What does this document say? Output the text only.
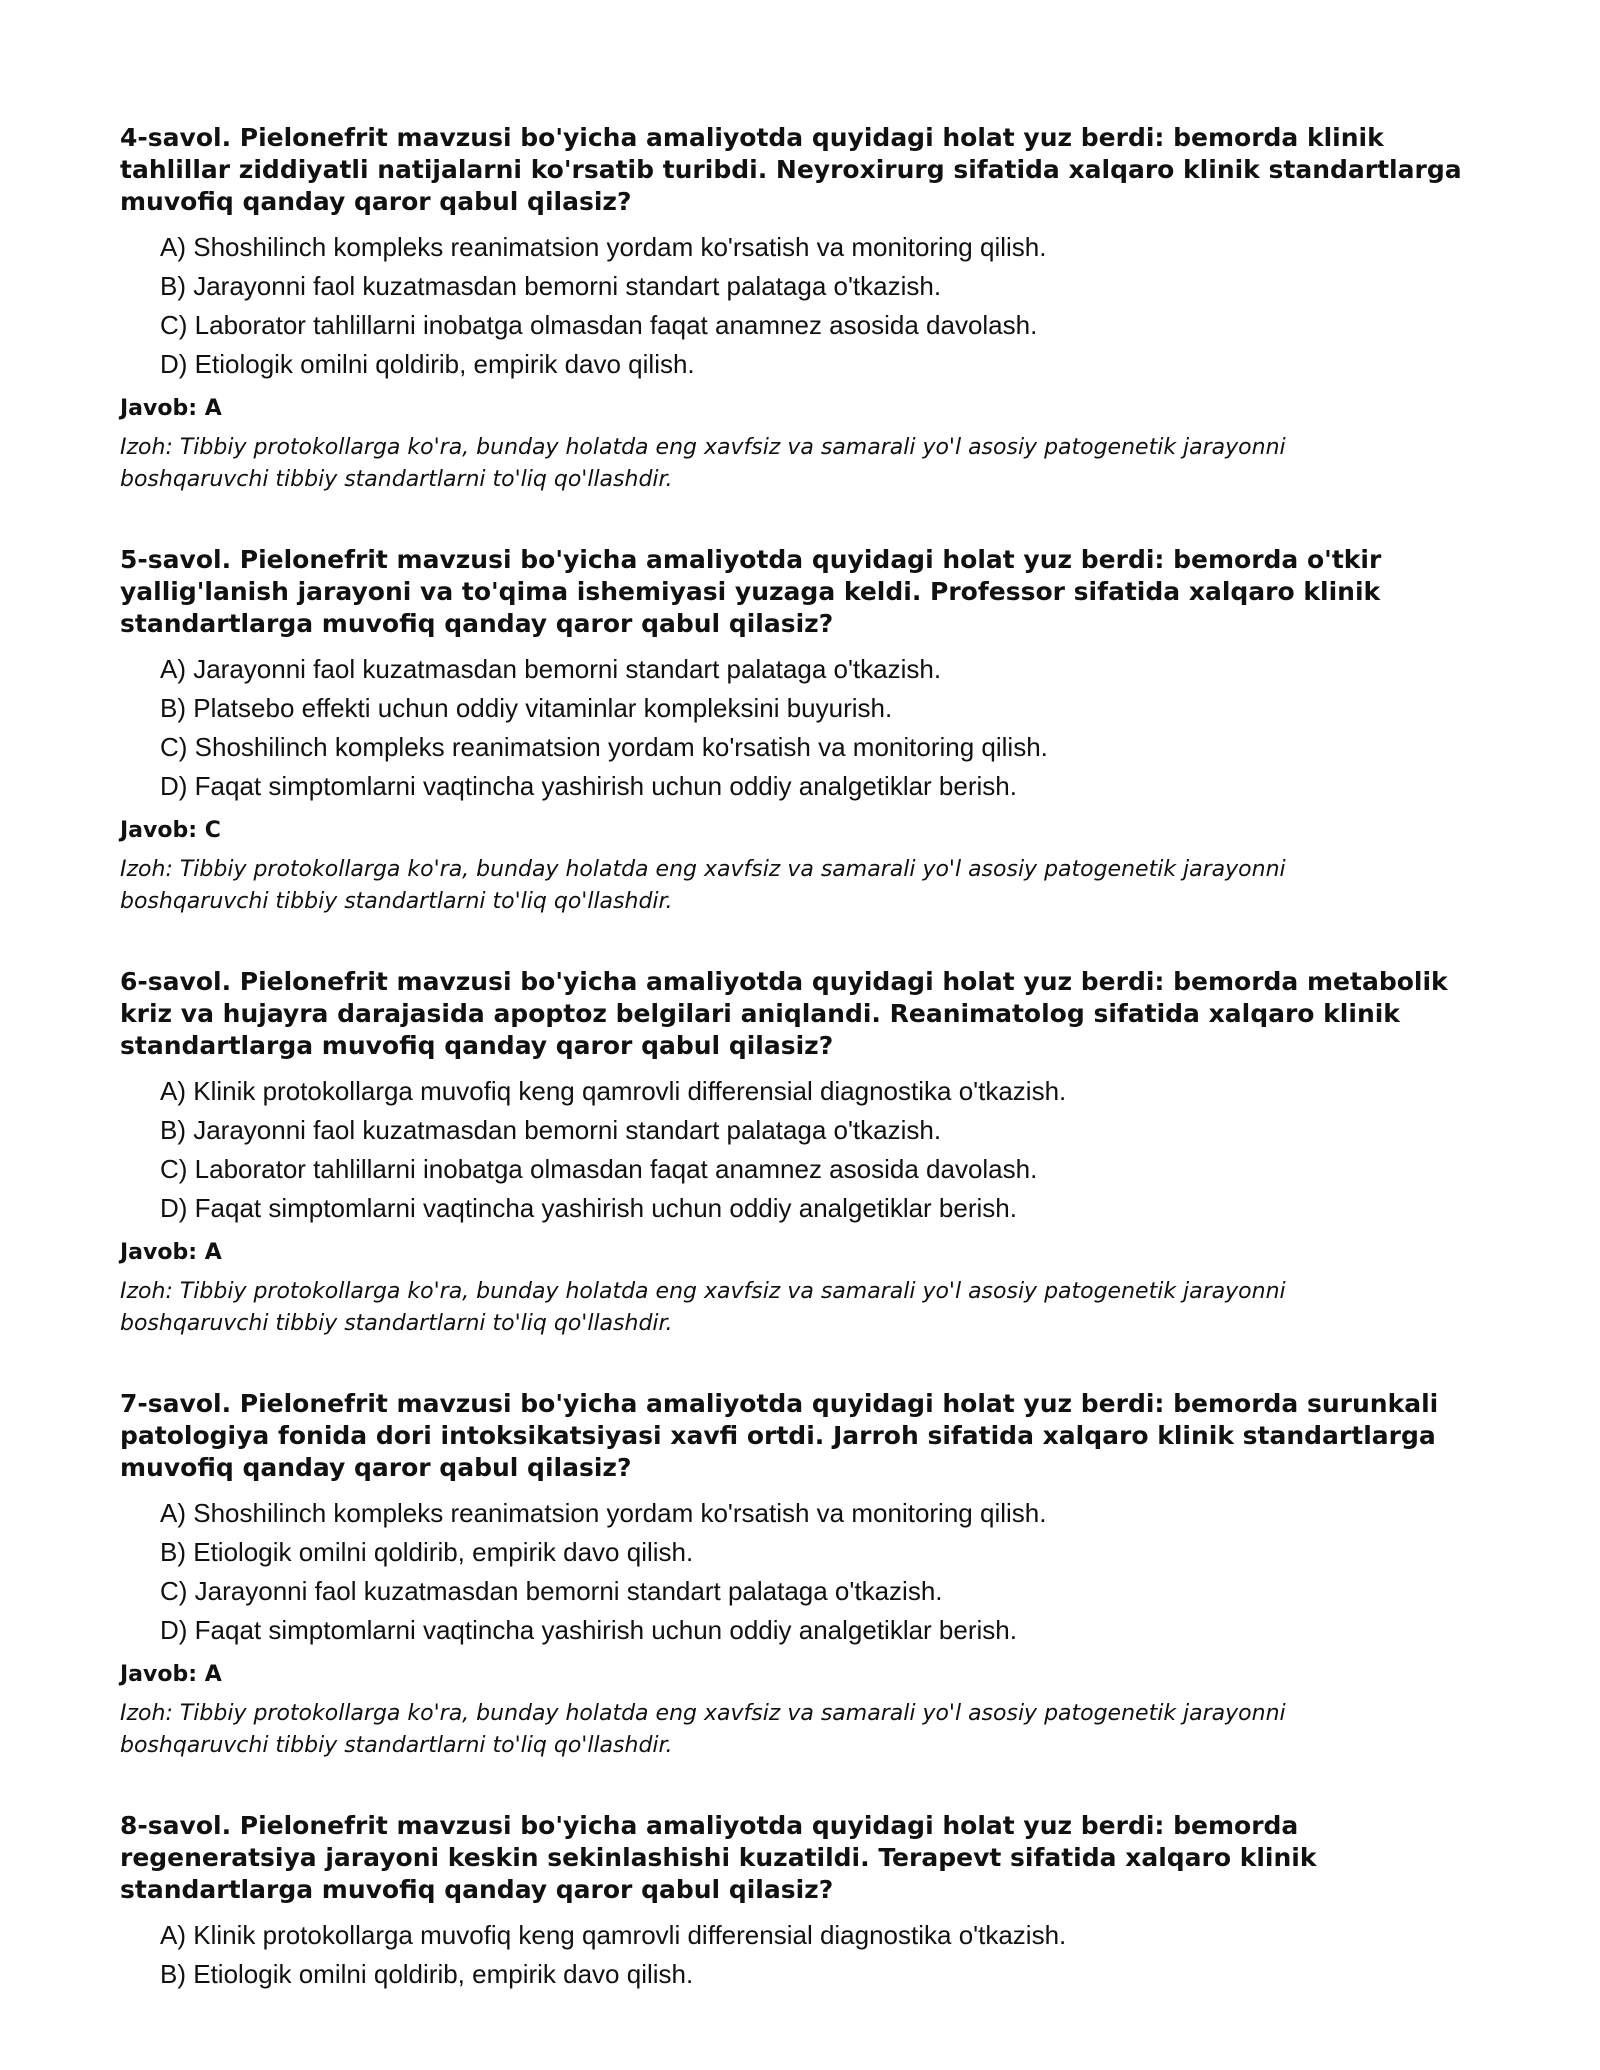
4-savol. Pielonefrit mavzusi bo'yicha amaliyotda quyidagi holat yuz berdi: bemorda klinik tahlillar ziddiyatli natijalarni ko'rsatib turibdi. Neyroxirurg sifatida xalqaro klinik standartlarga muvofiq qanday qaror qabul qilasiz?

A) Shoshilinch kompleks reanimatsion yordam ko'rsatish va monitoring qilish.
B) Jarayonni faol kuzatmasdan bemorni standart palataga o'tkazish.
C) Laborator tahlillarni inobatga olmasdan faqat anamnez asosida davolash.
D) Etiologik omilni qoldirib, empirik davo qilish.
Javob: A

Izoh: Tibbiy protokollarga ko'ra, bunday holatda eng xavfsiz va samarali yo'l asosiy patogenetik jarayonni boshqaruvchi tibbiy standartlarni to'liq qo'llashdir.

5-savol. Pielonefrit mavzusi bo'yicha amaliyotda quyidagi holat yuz berdi: bemorda o'tkir yallig'lanish jarayoni va to'qima ishemiyasi yuzaga keldi. Professor sifatida xalqaro klinik standartlarga muvofiq qanday qaror qabul qilasiz?

A) Jarayonni faol kuzatmasdan bemorni standart palataga o'tkazish.
B) Platsebo effekti uchun oddiy vitaminlar kompleksini buyurish.
C) Shoshilinch kompleks reanimatsion yordam ko'rsatish va monitoring qilish.
D) Faqat simptomlarni vaqtincha yashirish uchun oddiy analgetiklar berish.
Javob: C

Izoh: Tibbiy protokollarga ko'ra, bunday holatda eng xavfsiz va samarali yo'l asosiy patogenetik jarayonni boshqaruvchi tibbiy standartlarni to'liq qo'llashdir.

6-savol. Pielonefrit mavzusi bo'yicha amaliyotda quyidagi holat yuz berdi: bemorda metabolik kriz va hujayra darajasida apoptoz belgilari aniqlandi. Reanimatolog sifatida xalqaro klinik standartlarga muvofiq qanday qaror qabul qilasiz?

A) Klinik protokollarga muvofiq keng qamrovli differensial diagnostika o'tkazish.
B) Jarayonni faol kuzatmasdan bemorni standart palataga o'tkazish.
C) Laborator tahlillarni inobatga olmasdan faqat anamnez asosida davolash.
D) Faqat simptomlarni vaqtincha yashirish uchun oddiy analgetiklar berish.
Javob: A

Izoh: Tibbiy protokollarga ko'ra, bunday holatda eng xavfsiz va samarali yo'l asosiy patogenetik jarayonni boshqaruvchi tibbiy standartlarni to'liq qo'llashdir.

7-savol. Pielonefrit mavzusi bo'yicha amaliyotda quyidagi holat yuz berdi: bemorda surunkali patologiya fonida dori intoksikatsiyasi xavfi ortdi. Jarroh sifatida xalqaro klinik standartlarga muvofiq qanday qaror qabul qilasiz?

A) Shoshilinch kompleks reanimatsion yordam ko'rsatish va monitoring qilish.
B) Etiologik omilni qoldirib, empirik davo qilish.
C) Jarayonni faol kuzatmasdan bemorni standart palataga o'tkazish.
D) Faqat simptomlarni vaqtincha yashirish uchun oddiy analgetiklar berish.
Javob: A

Izoh: Tibbiy protokollarga ko'ra, bunday holatda eng xavfsiz va samarali yo'l asosiy patogenetik jarayonni boshqaruvchi tibbiy standartlarni to'liq qo'llashdir.

8-savol. Pielonefrit mavzusi bo'yicha amaliyotda quyidagi holat yuz berdi: bemorda regeneratsiya jarayoni keskin sekinlashishi kuzatildi. Terapevt sifatida xalqaro klinik standartlarga muvofiq qanday qaror qabul qilasiz?

A) Klinik protokollarga muvofiq keng qamrovli differensial diagnostika o'tkazish.
B) Etiologik omilni qoldirib, empirik davo qilish.
